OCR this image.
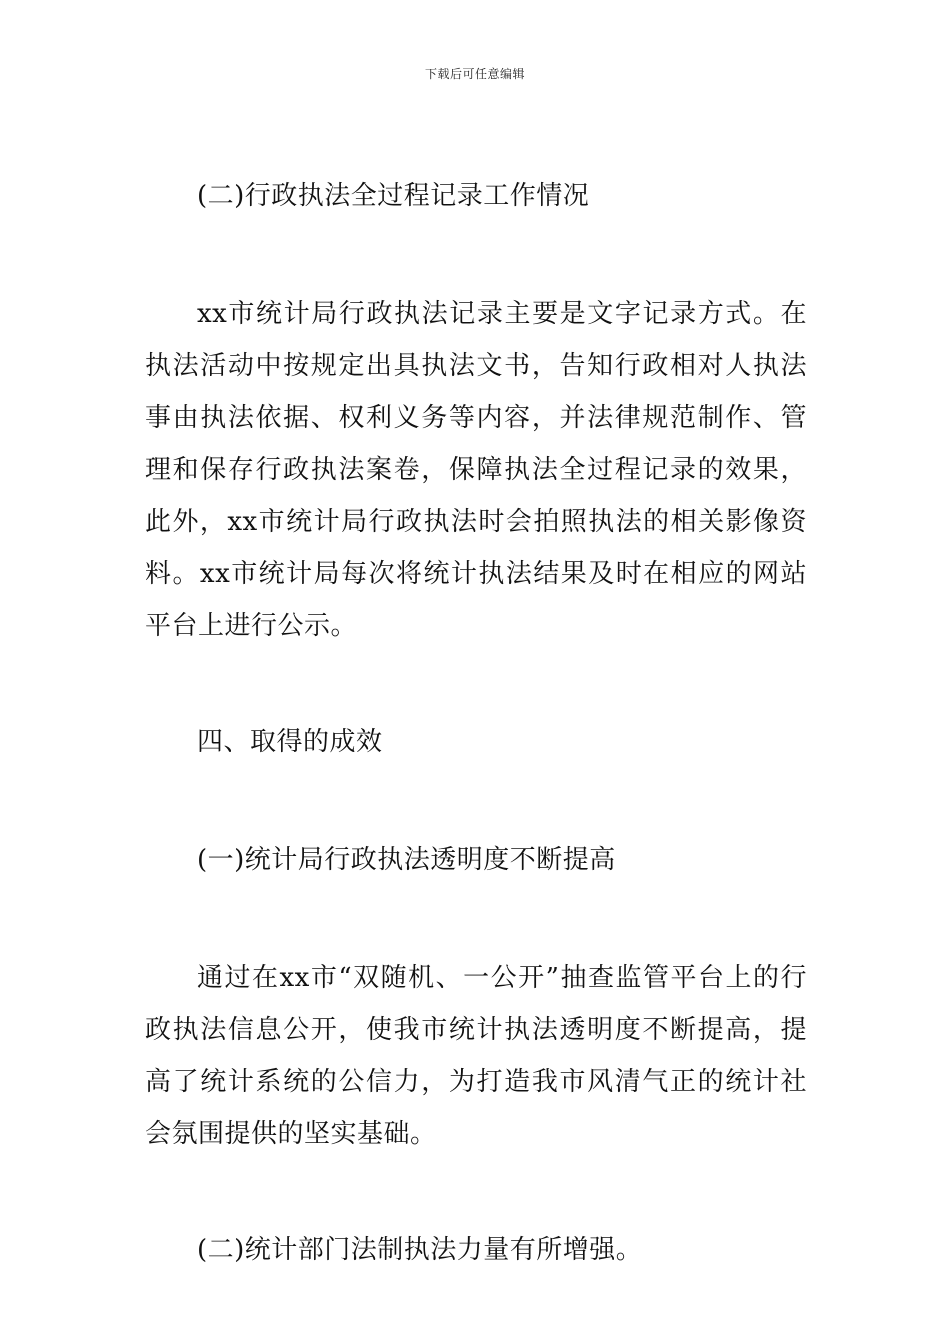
下载后可任意编辑

(二)行政执法全过程记录工作情况

xx市统计局行政执法记录主要是文字记录方式。在执法活动中按规定出具执法文书，告知行政相对人执法事由执法依据、权利义务等内容，并法律规范制作、管理和保存行政执法案卷，保障执法全过程记录的效果，此外，xx市统计局行政执法时会拍照执法的相关影像资料。xx市统计局每次将统计执法结果及时在相应的网站平台上进行公示。

四、取得的成效

(一)统计局行政执法透明度不断提高

通过在xx市“双随机、一公开”抽查监管平台上的行政执法信息公开，使我市统计执法透明度不断提高，提高了统计系统的公信力，为打造我市风清气正的统计社会氛围提供的坚实基础。

(二)统计部门法制执法力量有所增强。
